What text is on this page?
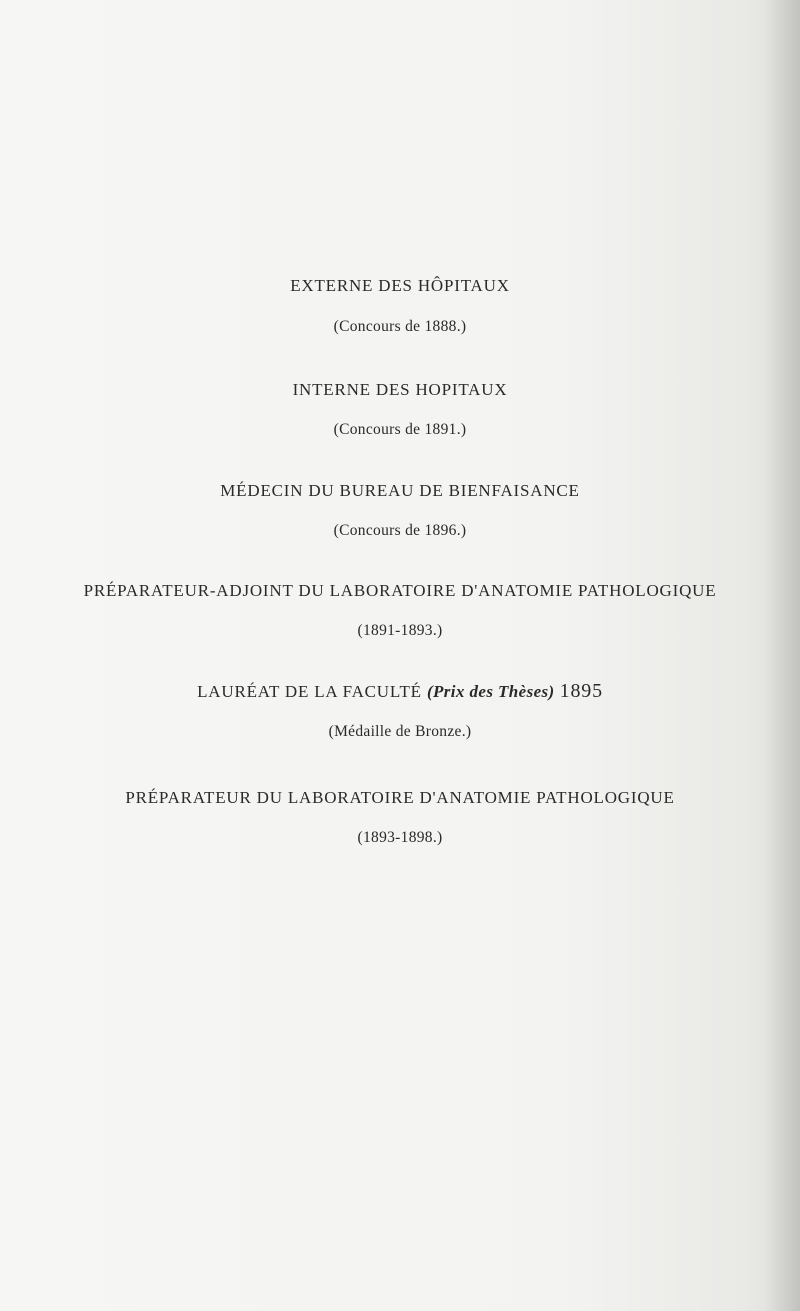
EXTERNE DES HÔPITAUX
(Concours de 1888.)
INTERNE DES HOPITAUX
(Concours de 1891.)
MÉDECIN DU BUREAU DE BIENFAISANCE
(Concours de 1896.)
PRÉPARATEUR-ADJOINT DU LABORATOIRE D'ANATOMIE PATHOLOGIQUE
(1891-1893.)
LAURÉAT DE LA FACULTÉ (Prix des Thèses) 1895
(Médaille de Bronze.)
PRÉPARATEUR DU LABORATOIRE D'ANATOMIE PATHOLOGIQUE
(1893-1898.)
